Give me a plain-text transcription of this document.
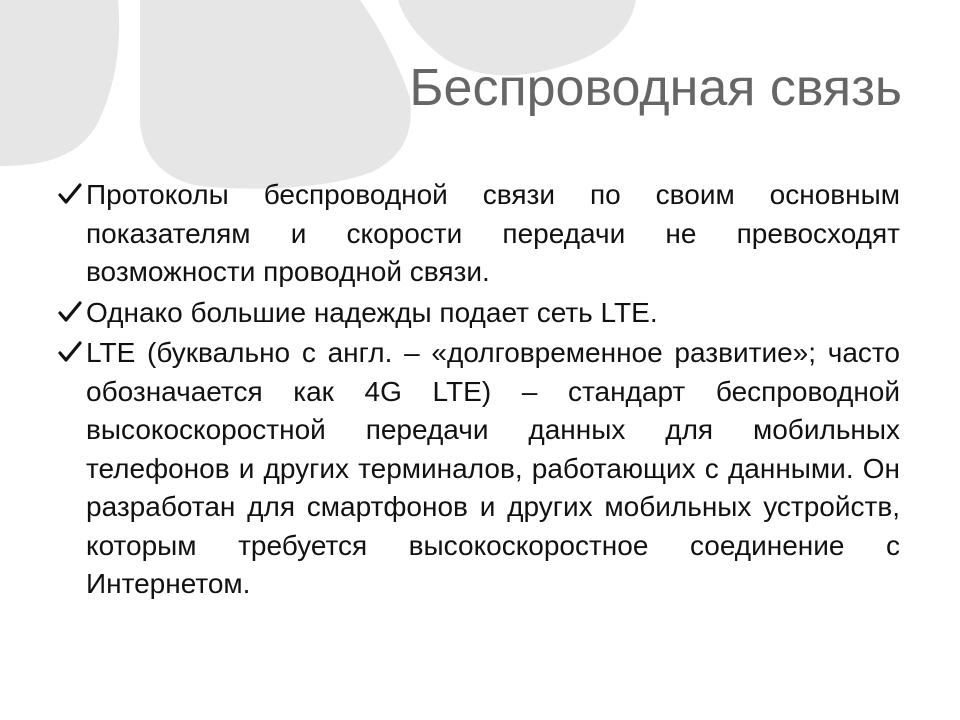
Беспроводная связь
Протоколы беспроводной связи по своим основным показателям и скорости передачи не превосходят возможности проводной связи.
Однако большие надежды подает сеть LTE.
LTE (буквально с англ. – «долговременное развитие»; часто обозначается как 4G LTE) – стандарт беспроводной высокоскоростной передачи данных для мобильных телефонов и других терминалов, работающих с данными. Он разработан для смартфонов и других мобильных устройств, которым требуется высокоскоростное соединение с Интернетом.
